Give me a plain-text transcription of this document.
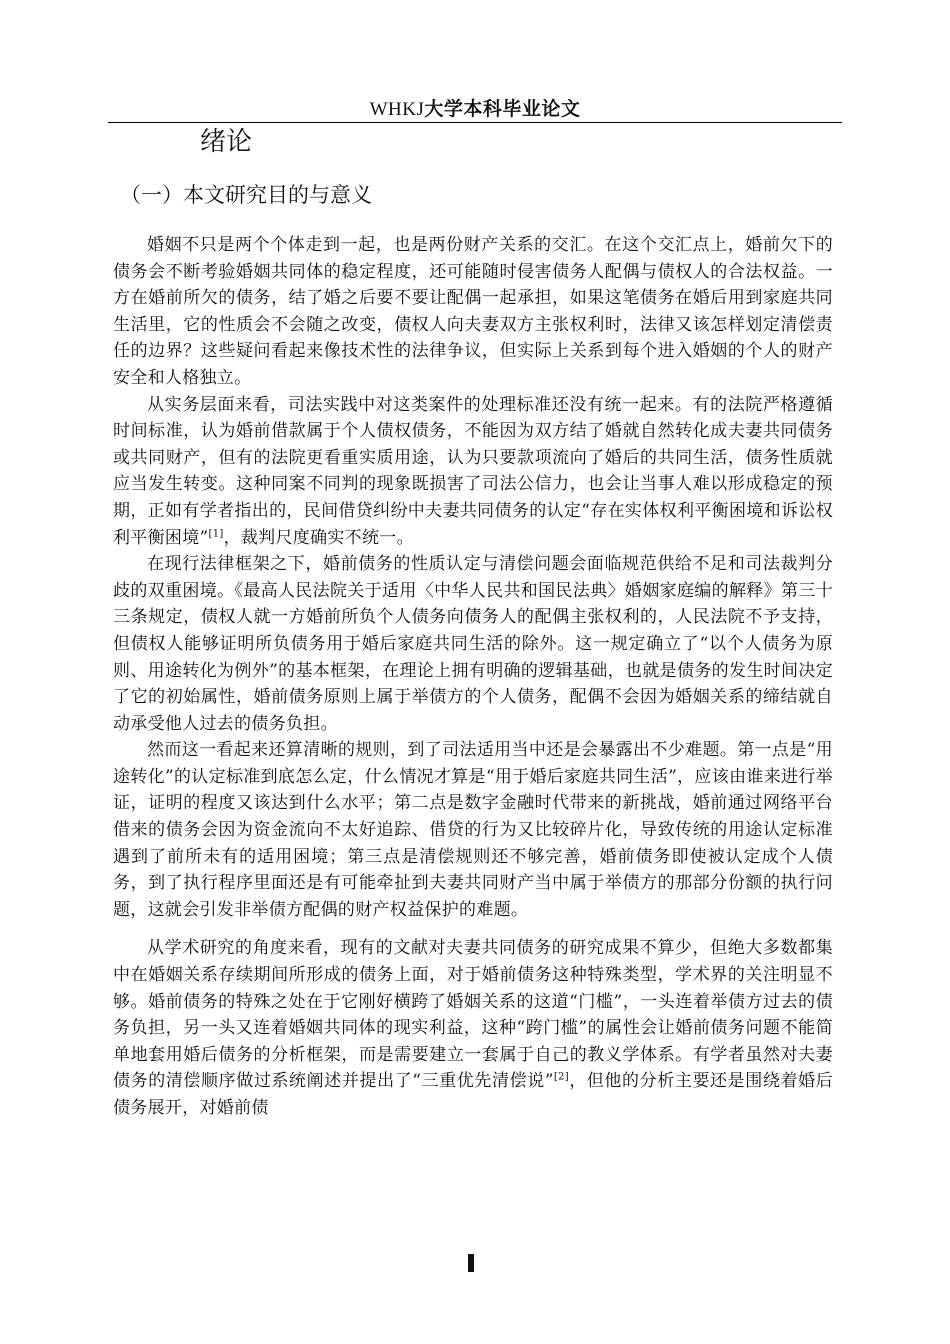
WHKJ大学本科毕业论文
绪论
（一）本文研究目的与意义

婚姻不只是两个个体走到一起，也是两份财产关系的交汇。在这个交汇点上，婚前欠下的债务会不断考验婚姻共同体的稳定程度，还可能随时侵害债务人配偶与债权人的合法权益。一方在婚前所欠的债务，结了婚之后要不要让配偶一起承担，如果这笔债务在婚后用到家庭共同生活里，它的性质会不会随之改变，债权人向夫妻双方主张权利时，法律又该怎样划定清偿责任的边界？这些疑问看起来像技术性的法律争议，但实际上关系到每个进入婚姻的个人的财产安全和人格独立。

从实务层面来看，司法实践中对这类案件的处理标准还没有统一起来。有的法院严格遵循时间标准，认为婚前借款属于个人债权债务，不能因为双方结了婚就自然转化成夫妻共同债务或共同财产，但有的法院更看重实质用途，认为只要款项流向了婚后的共同生活，债务性质就应当发生转变。这种同案不同判的现象既损害了司法公信力，也会让当事人难以形成稳定的预期，正如有学者指出的，民间借贷纠纷中夫妻共同债务的认定“存在实体权利平衡困境和诉讼权利平衡困境”[1]，裁判尺度确实不统一。

在现行法律框架之下，婚前债务的性质认定与清偿问题会面临规范供给不足和司法裁判分歧的双重困境。《最高人民法院关于适用〈中华人民共和国民法典〉婚姻家庭编的解释》第三十三条规定，债权人就一方婚前所负个人债务向债务人的配偶主张权利的，人民法院不予支持，但债权人能够证明所负债务用于婚后家庭共同生活的除外。这一规定确立了“以个人债务为原则、用途转化为例外”的基本框架，在理论上拥有明确的逻辑基础，也就是债务的发生时间决定了它的初始属性，婚前债务原则上属于举债方的个人债务，配偶不会因为婚姻关系的缔结就自动承受他人过去的债务负担。

然而这一看起来还算清晰的规则，到了司法适用当中还是会暴露出不少难题。第一点是“用途转化”的认定标准到底怎么定，什么情况才算是“用于婚后家庭共同生活”，应该由谁来进行举证，证明的程度又该达到什么水平；第二点是数字金融时代带来的新挑战，婚前通过网络平台借来的债务会因为资金流向不太好追踪、借贷的行为又比较碎片化，导致传统的用途认定标准遇到了前所未有的适用困境；第三点是清偿规则还不够完善，婚前债务即使被认定成个人债务，到了执行程序里面还是有可能牵扯到夫妻共同财产当中属于举债方的那部分份额的执行问题，这就会引发非举债方配偶的财产权益保护的难题。

从学术研究的角度来看，现有的文献对夫妻共同债务的研究成果不算少，但绝大多数都集中在婚姻关系存续期间所形成的债务上面，对于婚前债务这种特殊类型，学术界的关注明显不够。婚前债务的特殊之处在于它刚好横跨了婚姻关系的这道“门槛”，一头连着举债方过去的债务负担，另一头又连着婚姻共同体的现实利益，这种“跨门槛”的属性会让婚前债务问题不能简单地套用婚后债务的分析框架，而是需要建立一套属于自己的教义学体系。有学者虽然对夫妻债务的清偿顺序做过系统阐述并提出了“三重优先清偿说”[2]，但他的分析主要还是围绕着婚后债务展开，对婚前债
